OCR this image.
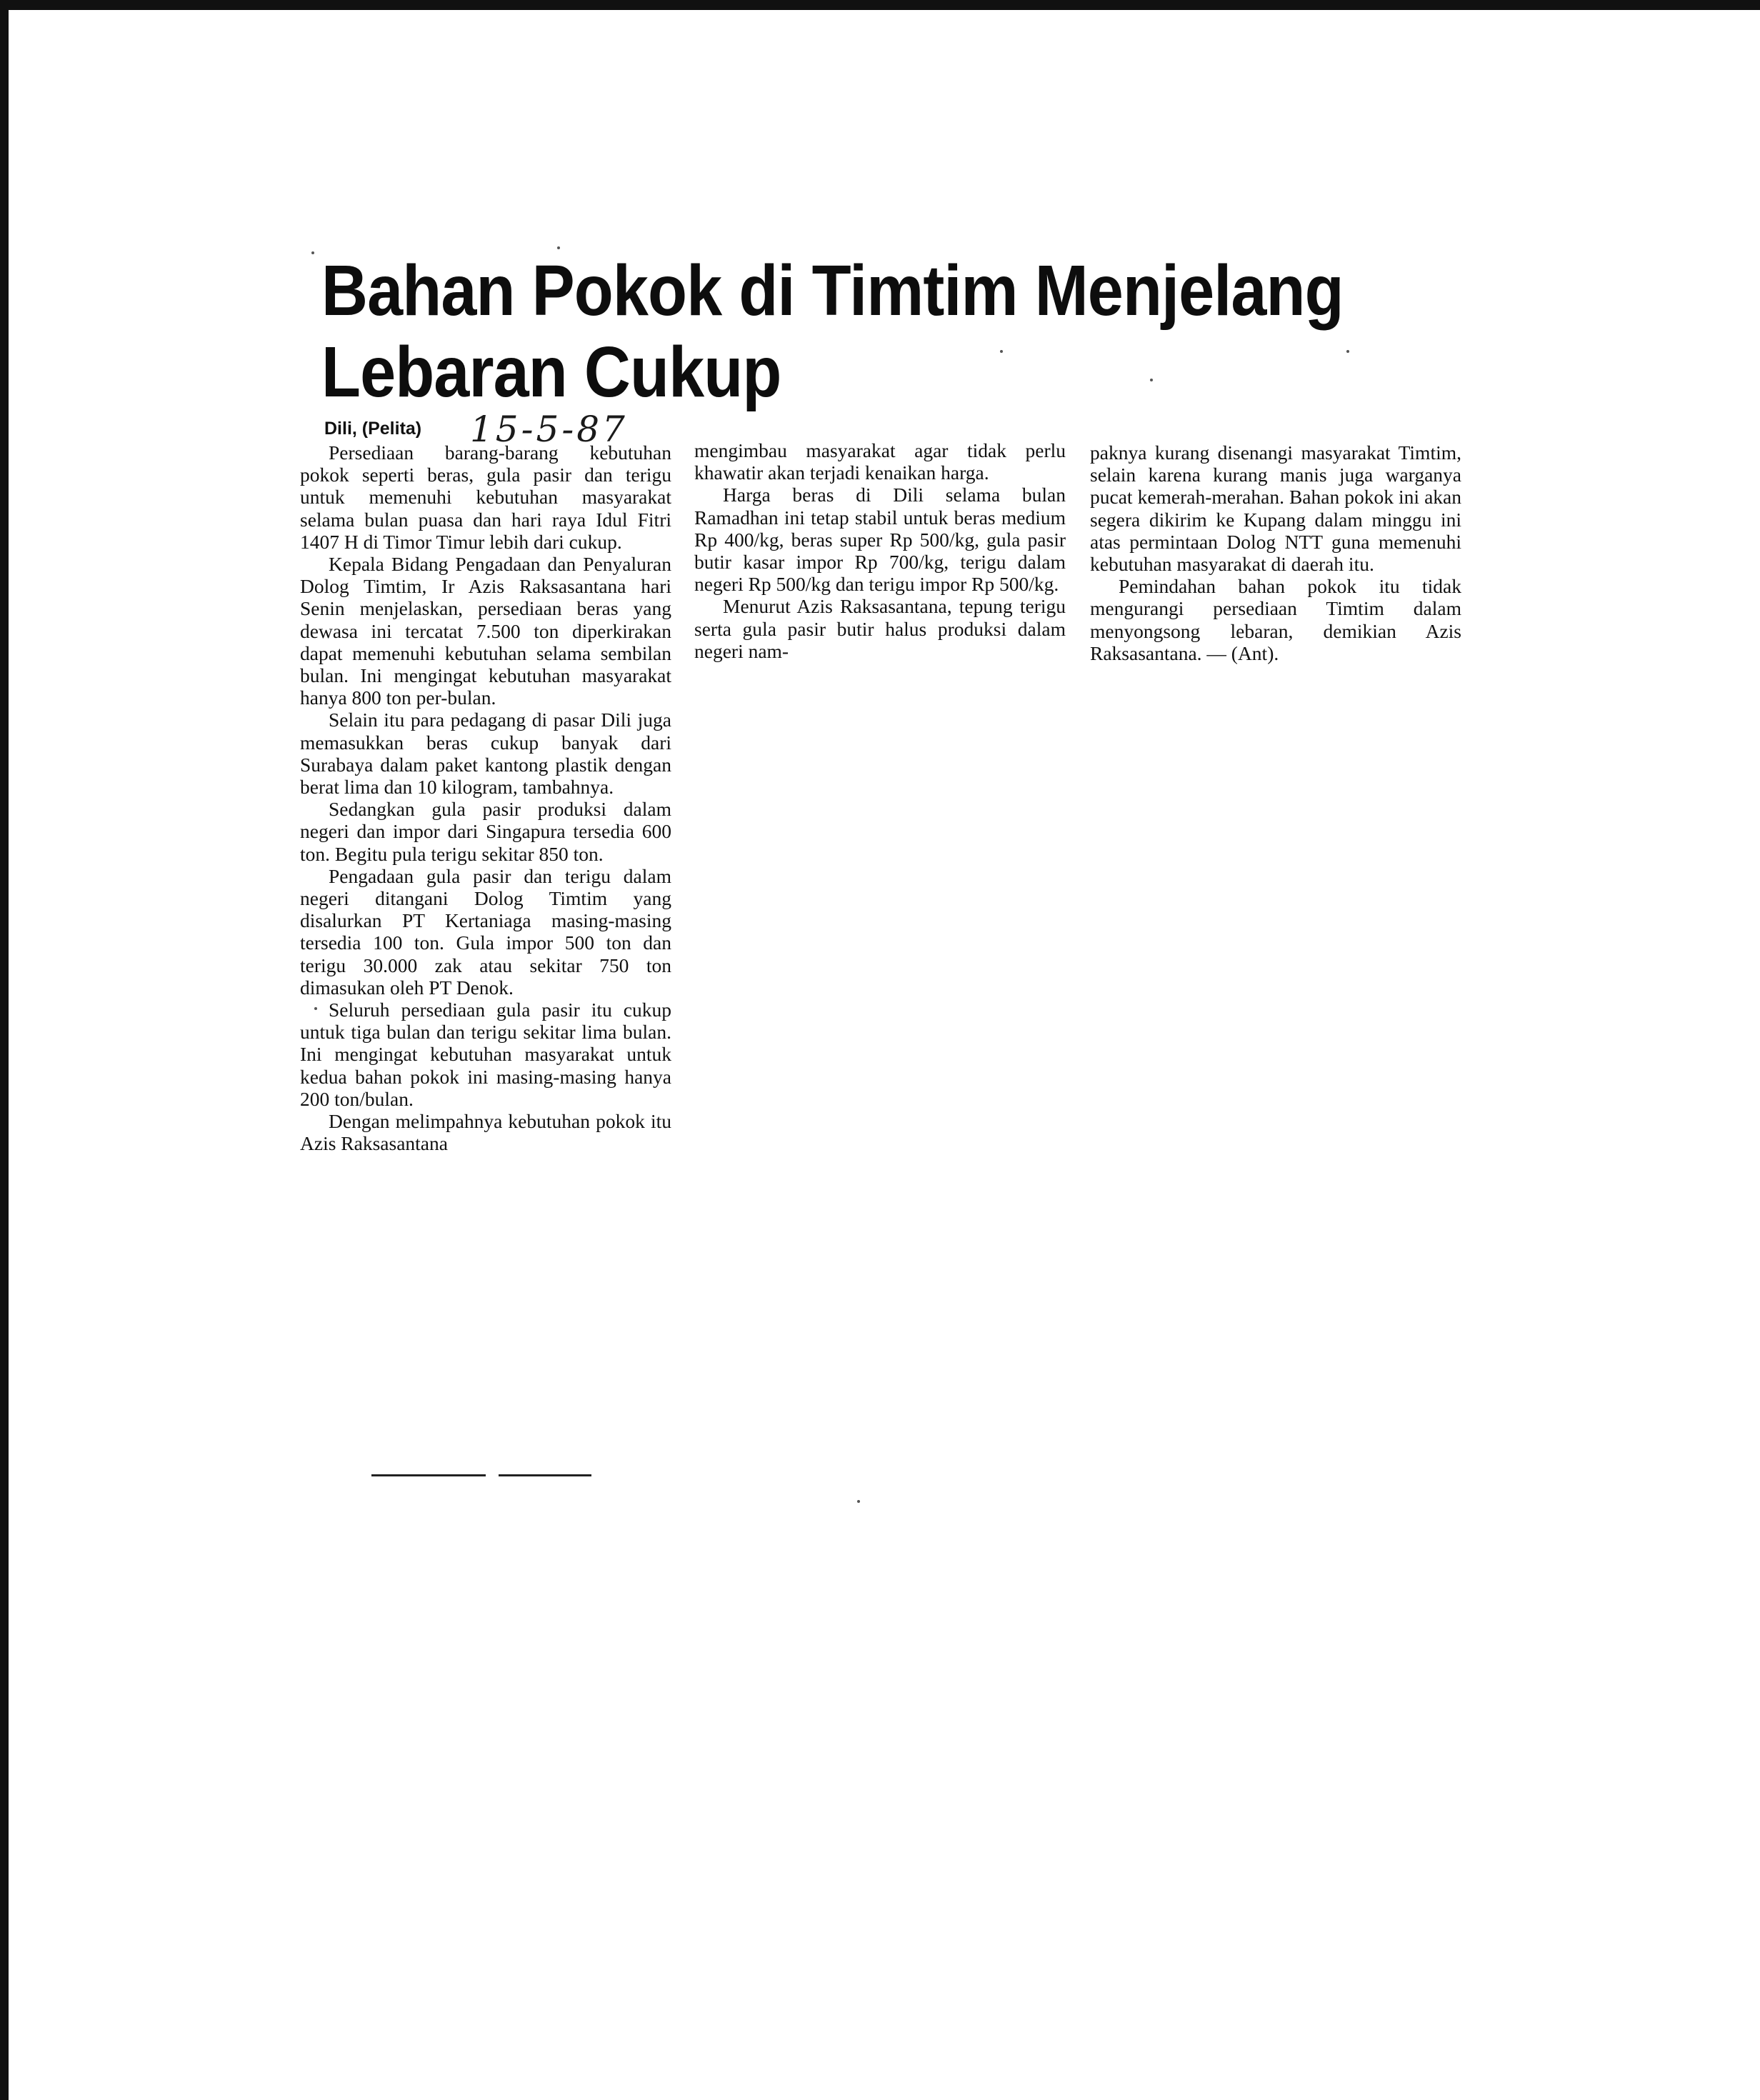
Bahan Pokok di Timtim Menjelang
Lebaran Cukup
Dili, (Pelita) 15-5-87

Persediaan barang-barang kebutuhan pokok seperti beras, gula pasir dan terigu untuk memenuhi kebutuhan masyarakat selama bulan puasa dan hari raya Idul Fitri 1407 H di Timor Timur lebih dari cukup.

Kepala Bidang Pengadaan dan Penyaluran Dolog Timtim, Ir Azis Raksasantana hari Senin menjelaskan, persediaan beras yang dewasa ini tercatat 7.500 ton diperkirakan dapat memenuhi kebutuhan selama sembilan bulan. Ini mengingat kebutuhan masyarakat hanya 800 ton per-bulan.

Selain itu para pedagang di pasar Dili juga memasukkan beras cukup banyak dari Surabaya dalam paket kantong plastik dengan berat lima dan 10 kilogram, tambahnya.

Sedangkan gula pasir produksi dalam negeri dan impor dari Singapura tersedia 600 ton. Begitu pula terigu sekitar 850 ton.

Pengadaan gula pasir dan terigu dalam negeri ditangani Dolog Timtim yang disalurkan PT Kertaniaga masing-masing tersedia 100 ton. Gula impor 500 ton dan terigu 30.000 zak atau sekitar 750 ton dimasukan oleh PT Denok.

Seluruh persediaan gula pasir itu cukup untuk tiga bulan dan terigu sekitar lima bulan. Ini mengingat kebutuhan masyarakat untuk kedua bahan pokok ini masing-masing hanya 200 ton/bulan.

Dengan melimpahnya kebutuhan pokok itu Azis Raksasantana

mengimbau masyarakat agar tidak perlu khawatir akan terjadi kenaikan harga.

Harga beras di Dili selama bulan Ramadhan ini tetap stabil untuk beras medium Rp 400/kg, beras super Rp 500/kg, gula pasir butir kasar impor Rp 700/kg, terigu dalam negeri Rp 500/kg dan terigu impor Rp 500/kg.

Menurut Azis Raksasantana, tepung terigu serta gula pasir butir halus produksi dalam negeri nam-

paknya kurang disenangi masyarakat Timtim, selain karena kurang manis juga warganya pucat kemerah-merahan. Bahan pokok ini akan segera dikirim ke Kupang dalam minggu ini atas permintaan Dolog NTT guna memenuhi kebutuhan masyarakat di daerah itu.

Pemindahan bahan pokok itu tidak mengurangi persediaan Timtim dalam menyongsong lebaran, demikian Azis Raksasantana. — (Ant).
